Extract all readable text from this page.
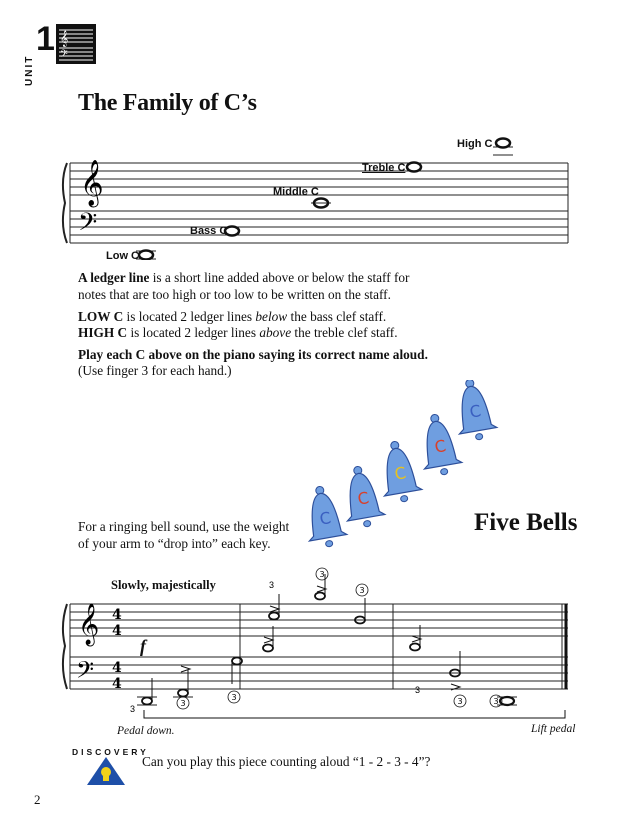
1
UNIT
𝄞
𝄢
The Family of C’s
𝄞
𝄢
High C
Treble C
Middle C
Bass C
Low C
A ledger line is a short line added above or below the staff for notes that are too high or too low to be written on the staff.
LOW C is located 2 ledger lines below the bass clef staff.
HIGH C is located 2 ledger lines above the treble clef staff.
Play each C above on the piano saying its correct name aloud.
(Use finger 3 for each hand.)
C
C
C
C
C
For a ringing bell sound, use the weight of your arm to “drop into” each key.
Five Bells
Slowly, majestically
𝄞
𝄢
4
4
4
4
3
3
3
3
3
3
3	3	3
f
Pedal down.	Lift pedal
DISCOVERY
Can you play this piece counting aloud “1 - 2 - 3 - 4”?
2
